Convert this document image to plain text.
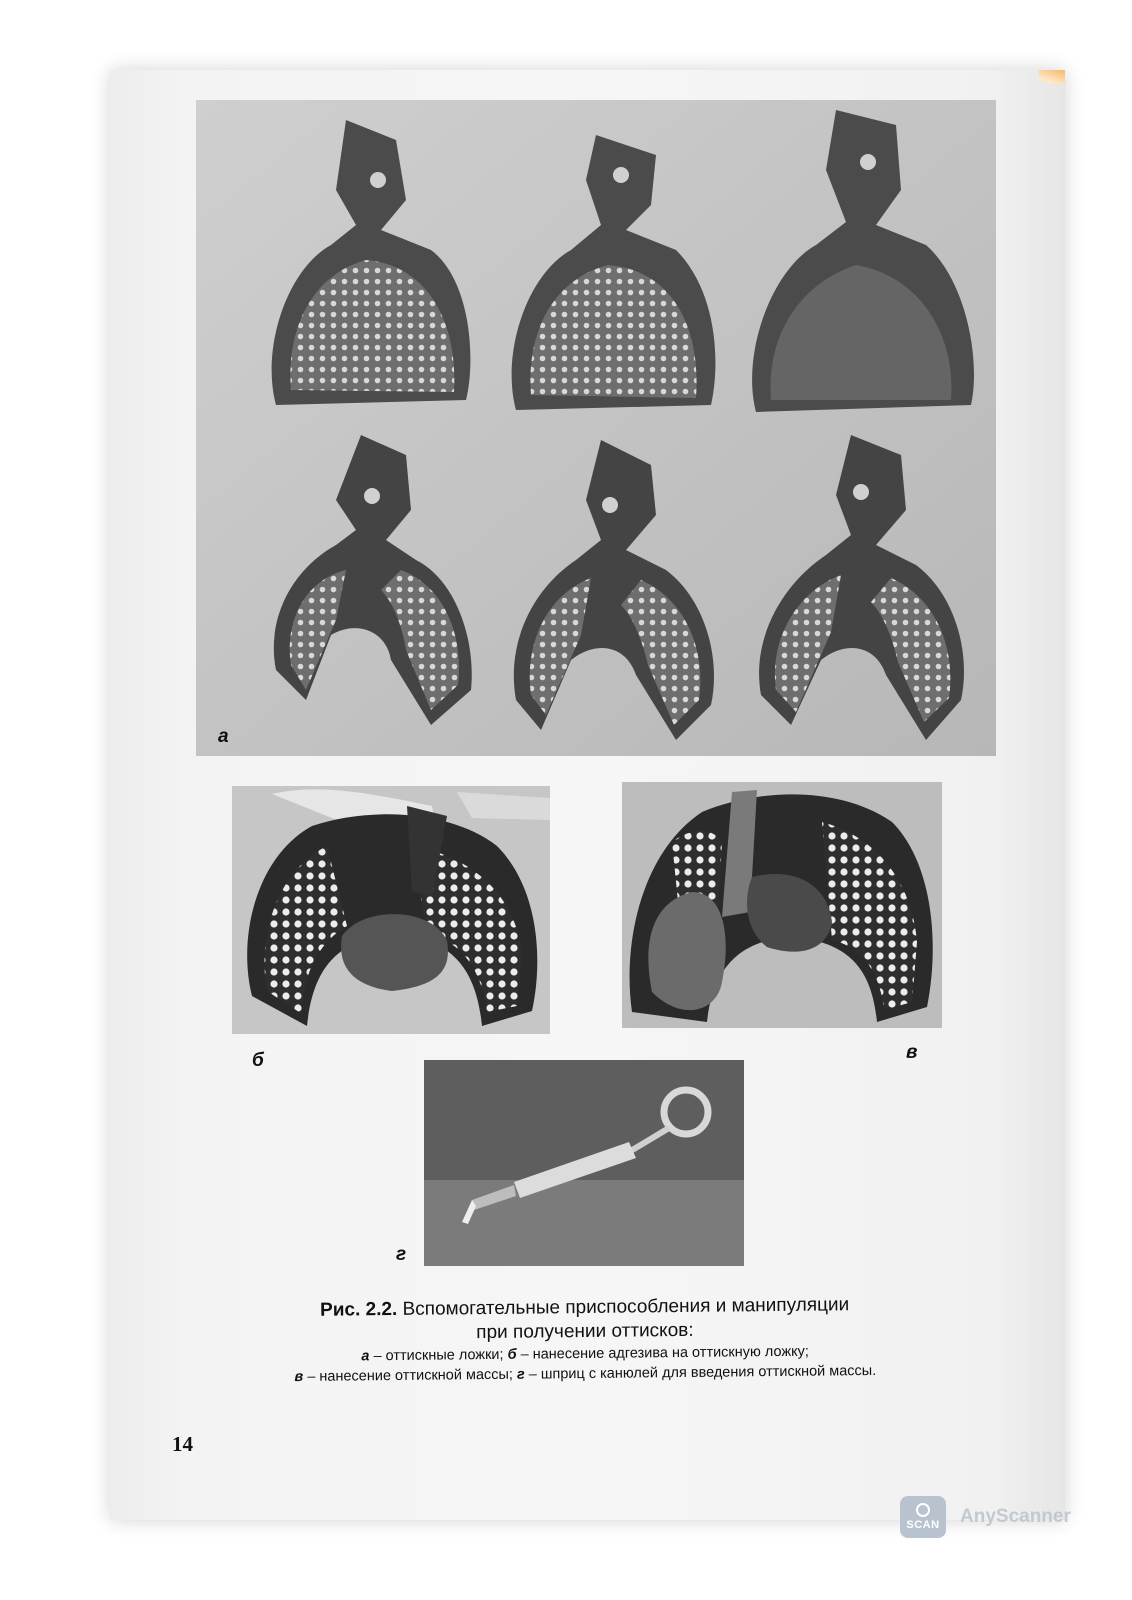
а
б	в
г
Рис. 2.2. Вспомогательные приспособления и манипуляции
при получении оттисков:
а – оттискные ложки; б – нанесение адгезива на оттискную ложку;
в – нанесение оттискной массы; г – шприц с канюлей для введения оттискной массы.
14
SCAN AnyScanner
